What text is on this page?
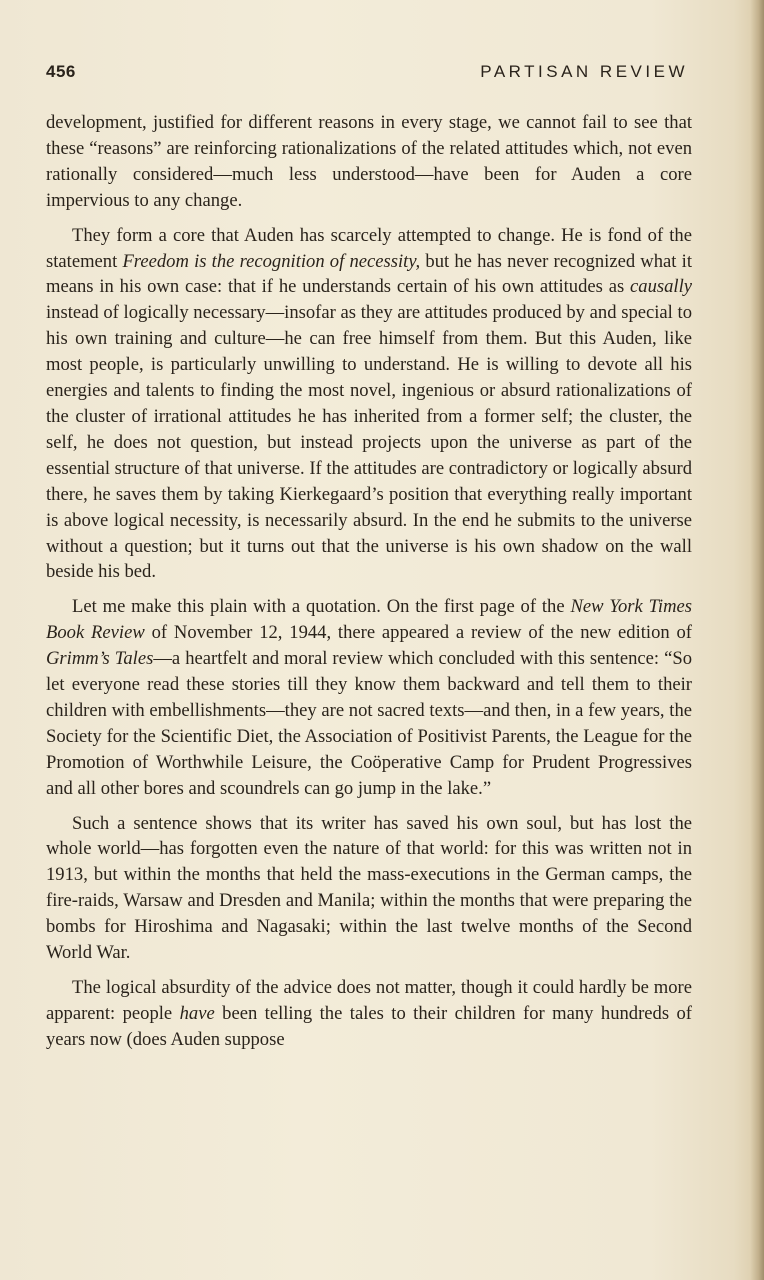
456	PARTISAN REVIEW

development, justified for different reasons in every stage, we cannot fail to see that these “reasons” are reinforcing rationalizations of the related attitudes which, not even rationally considered—much less understood—have been for Auden a core impervious to any change.

They form a core that Auden has scarcely attempted to change. He is fond of the statement Freedom is the recognition of necessity, but he has never recognized what it means in his own case: that if he understands certain of his own attitudes as causally instead of logically necessary—insofar as they are attitudes produced by and special to his own training and culture—he can free himself from them. But this Auden, like most people, is particularly unwilling to understand. He is willing to devote all his energies and talents to finding the most novel, ingenious or absurd rationalizations of the cluster of irrational attitudes he has inherited from a former self; the cluster, the self, he does not question, but instead projects upon the universe as part of the essential structure of that universe. If the attitudes are contradictory or logically absurd there, he saves them by taking Kierkegaard’s position that everything really important is above logical necessity, is necessarily absurd. In the end he submits to the universe without a question; but it turns out that the universe is his own shadow on the wall beside his bed.

Let me make this plain with a quotation. On the first page of the New York Times Book Review of November 12, 1944, there appeared a review of the new edition of Grimm’s Tales—a heartfelt and moral review which concluded with this sentence: “So let everyone read these stories till they know them backward and tell them to their children with embellishments—they are not sacred texts—and then, in a few years, the Society for the Scientific Diet, the Association of Positivist Parents, the League for the Promotion of Worthwhile Leisure, the Coöperative Camp for Prudent Progressives and all other bores and scoundrels can go jump in the lake.”

Such a sentence shows that its writer has saved his own soul, but has lost the whole world—has forgotten even the nature of that world: for this was written not in 1913, but within the months that held the mass-executions in the German camps, the fire-raids, Warsaw and Dresden and Manila; within the months that were preparing the bombs for Hiroshima and Nagasaki; within the last twelve months of the Second World War.

The logical absurdity of the advice does not matter, though it could hardly be more apparent: people have been telling the tales to their children for many hundreds of years now (does Auden suppose
